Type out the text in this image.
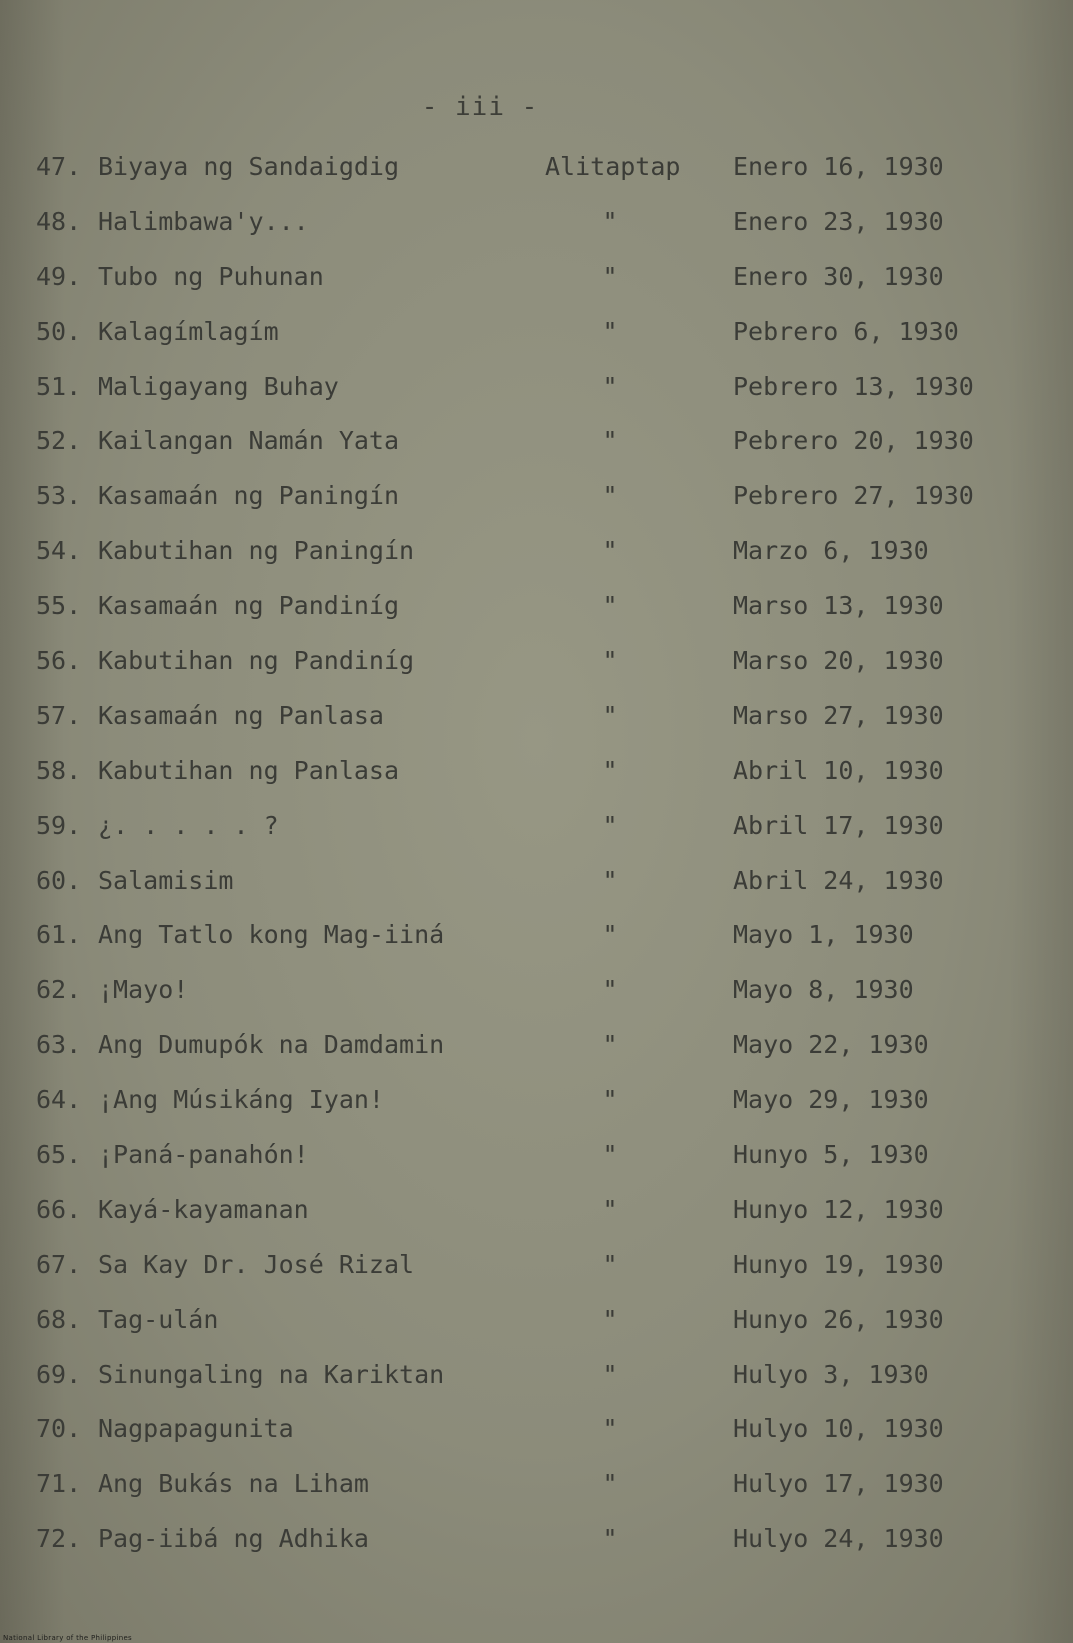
- iii -
47. Biyaya ng Sandaigdig	Alitaptap Enero 16, 1930
48. Halimbawa'y...	"	Enero 23, 1930
49. Tubo ng Puhunan	"	Enero 30, 1930
50. Kalagímlagím	"	Pebrero 6, 1930
51. Maligayang Buhay	"	Pebrero 13, 1930
52. Kailangan Namán Yata	"	Pebrero 20, 1930
53. Kasamaán ng Paningín	"	Pebrero 27, 1930
54. Kabutihan ng Paningín	"	Marzo 6, 1930
55. Kasamaán ng Pandiníg	"	Marso 13, 1930
56. Kabutihan ng Pandiníg	"	Marso 20, 1930
57. Kasamaán ng Panlasa	"	Marso 27, 1930
58. Kabutihan ng Panlasa	"	Abril 10, 1930
59. ¿. . . . . ?	"	Abril 17, 1930
60. Salamisim	"	Abril 24, 1930
61. Ang Tatlo kong Mag-iiná	"	Mayo 1, 1930
62. ¡Mayo!	"	Mayo 8, 1930
63. Ang Dumupók na Damdamin	"	Mayo 22, 1930
64. ¡Ang Músikáng Iyan!	"	Mayo 29, 1930
65. ¡Paná-panahón!	"	Hunyo 5, 1930
66. Kayá-kayamanan	"	Hunyo 12, 1930
67. Sa Kay Dr. José Rizal	"	Hunyo 19, 1930
68. Tag-ulán	"	Hunyo 26, 1930
69. Sinungaling na Kariktan	"	Hulyo 3, 1930
70. Nagpapagunita	"	Hulyo 10, 1930
71. Ang Bukás na Liham	"	Hulyo 17, 1930
72. Pag-iibá ng Adhika	"	Hulyo 24, 1930
National Library of the Philippines
